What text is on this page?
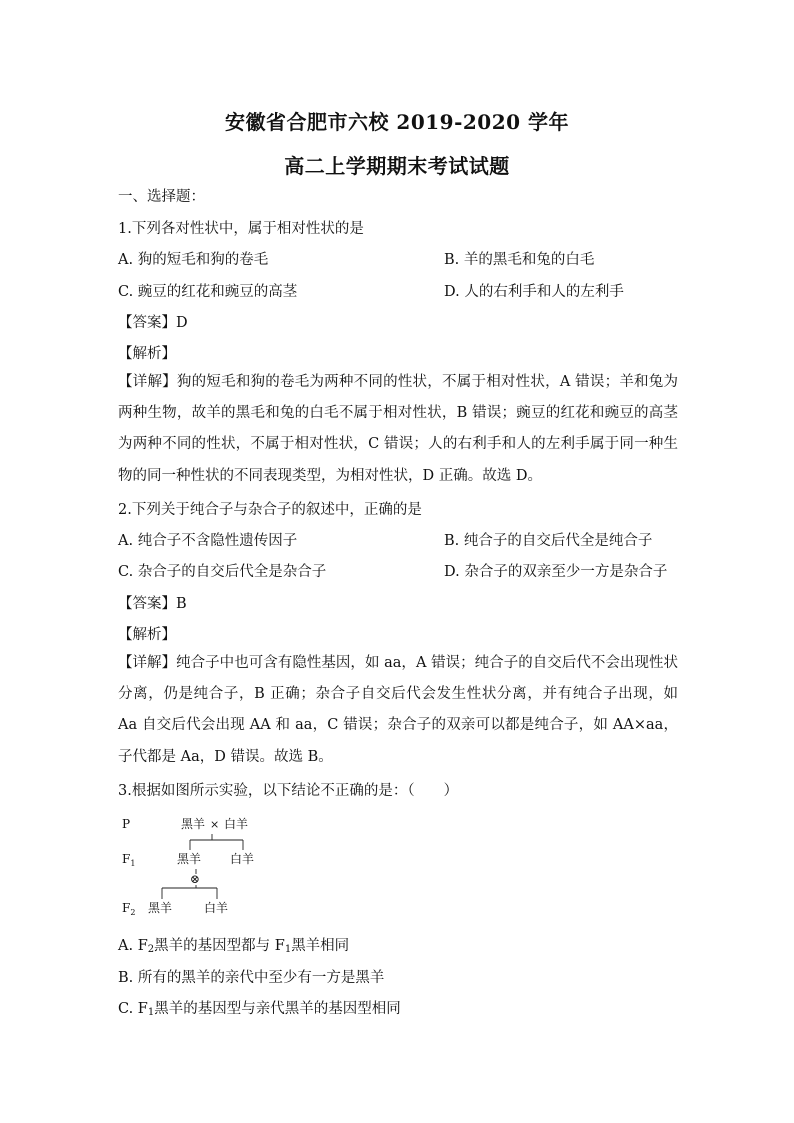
安徽省合肥市六校 2019-2020 学年
高二上学期期末考试试题
一、选择题：
1.下列各对性状中，属于相对性状的是
A. 狗的短毛和狗的卷毛	B. 羊的黑毛和兔的白毛
C. 豌豆的红花和豌豆的高茎	D. 人的右利手和人的左利手
【答案】D
【解析】
【详解】狗的短毛和狗的卷毛为两种不同的性状，不属于相对性状，A 错误；羊和兔为两种生物，故羊的黑毛和兔的白毛不属于相对性状，B 错误；豌豆的红花和豌豆的高茎为两种不同的性状，不属于相对性状，C 错误；人的右利手和人的左利手属于同一种生物的同一种性状的不同表现类型，为相对性状，D 正确。故选 D。
2.下列关于纯合子与杂合子的叙述中，正确的是
A. 纯合子不含隐性遗传因子	B. 纯合子的自交后代全是纯合子
C. 杂合子的自交后代全是杂合子	D. 杂合子的双亲至少一方是杂合子
【答案】B
【解析】
【详解】纯合子中也可含有隐性基因，如 aa，A 错误；纯合子的自交后代不会出现性状分离，仍是纯合子，B 正确；杂合子自交后代会发生性状分离，并有纯合子出现，如 Aa 自交后代会出现 AA 和 aa，C 错误；杂合子的双亲可以都是纯合子，如 AA×aa，子代都是 Aa，D 错误。故选 B。
3.根据如图所示实验，以下结论不正确的是：（　　）
P
$F_1$
$F_2$
黑羊 × 白羊
黑羊 白羊
⊗
黑羊	白羊
A. $F_2$黑羊的基因型都与 $F_1$黑羊相同
B. 所有的黑羊的亲代中至少有一方是黑羊
C. $F_1$黑羊的基因型与亲代黑羊的基因型相同
